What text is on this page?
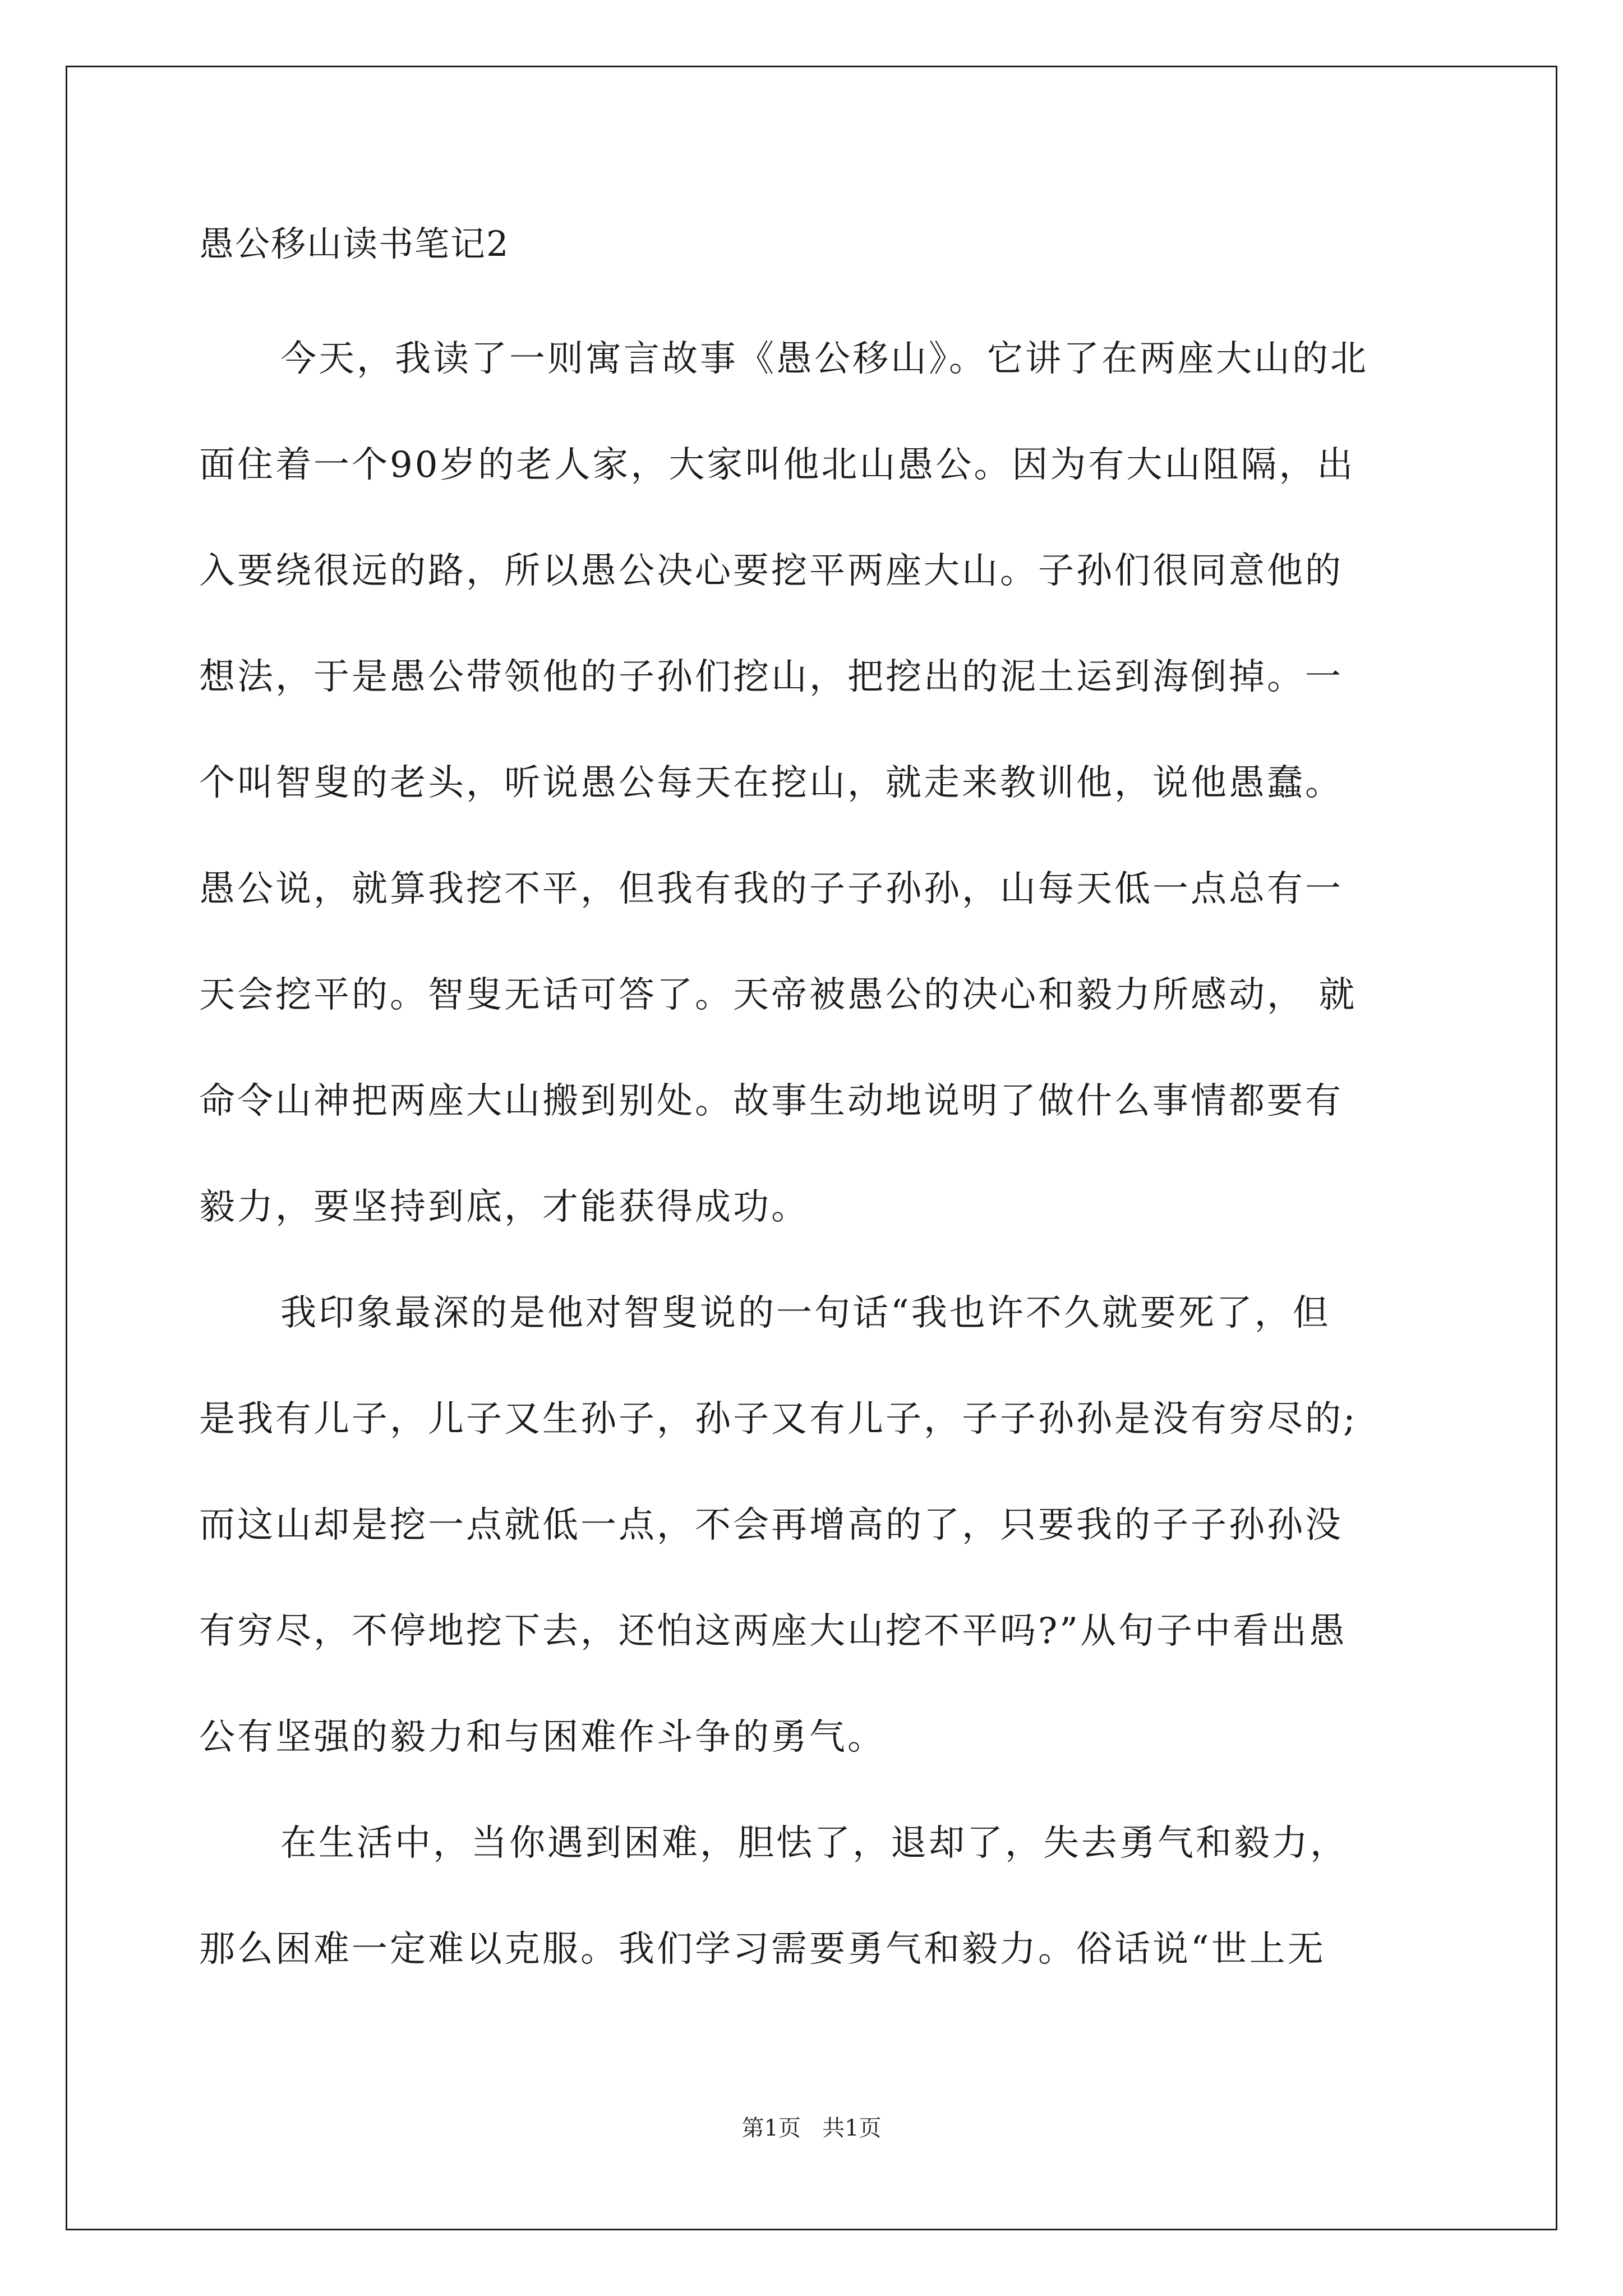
愚公移山读书笔记2
今天，我读了一则寓言故事《愚公移山》。它讲了在两座大山的北
面住着一个90岁的老人家，大家叫他北山愚公。因为有大山阻隔，出
入要绕很远的路，所以愚公决心要挖平两座大山。子孙们很同意他的
想法，于是愚公带领他的子孙们挖山，把挖出的泥土运到海倒掉。一
个叫智叟的老头，听说愚公每天在挖山，就走来教训他，说他愚蠢。
愚公说，就算我挖不平，但我有我的子子孙孙，山每天低一点总有一
天会挖平的。智叟无话可答了。天帝被愚公的决心和毅力所感动， 就
命令山神把两座大山搬到别处。故事生动地说明了做什么事情都要有
毅力，要坚持到底，才能获得成功。
我印象最深的是他对智叟说的一句话“我也许不久就要死了，但
是我有儿子，儿子又生孙子，孙子又有儿子，子子孙孙是没有穷尽的;
而这山却是挖一点就低一点，不会再增高的了，只要我的子子孙孙没
有穷尽，不停地挖下去，还怕这两座大山挖不平吗?”从句子中看出愚
公有坚强的毅力和与困难作斗争的勇气。
在生活中，当你遇到困难，胆怯了，退却了，失去勇气和毅力，
那么困难一定难以克服。我们学习需要勇气和毅力。俗话说“世上无
第1页 共1页
